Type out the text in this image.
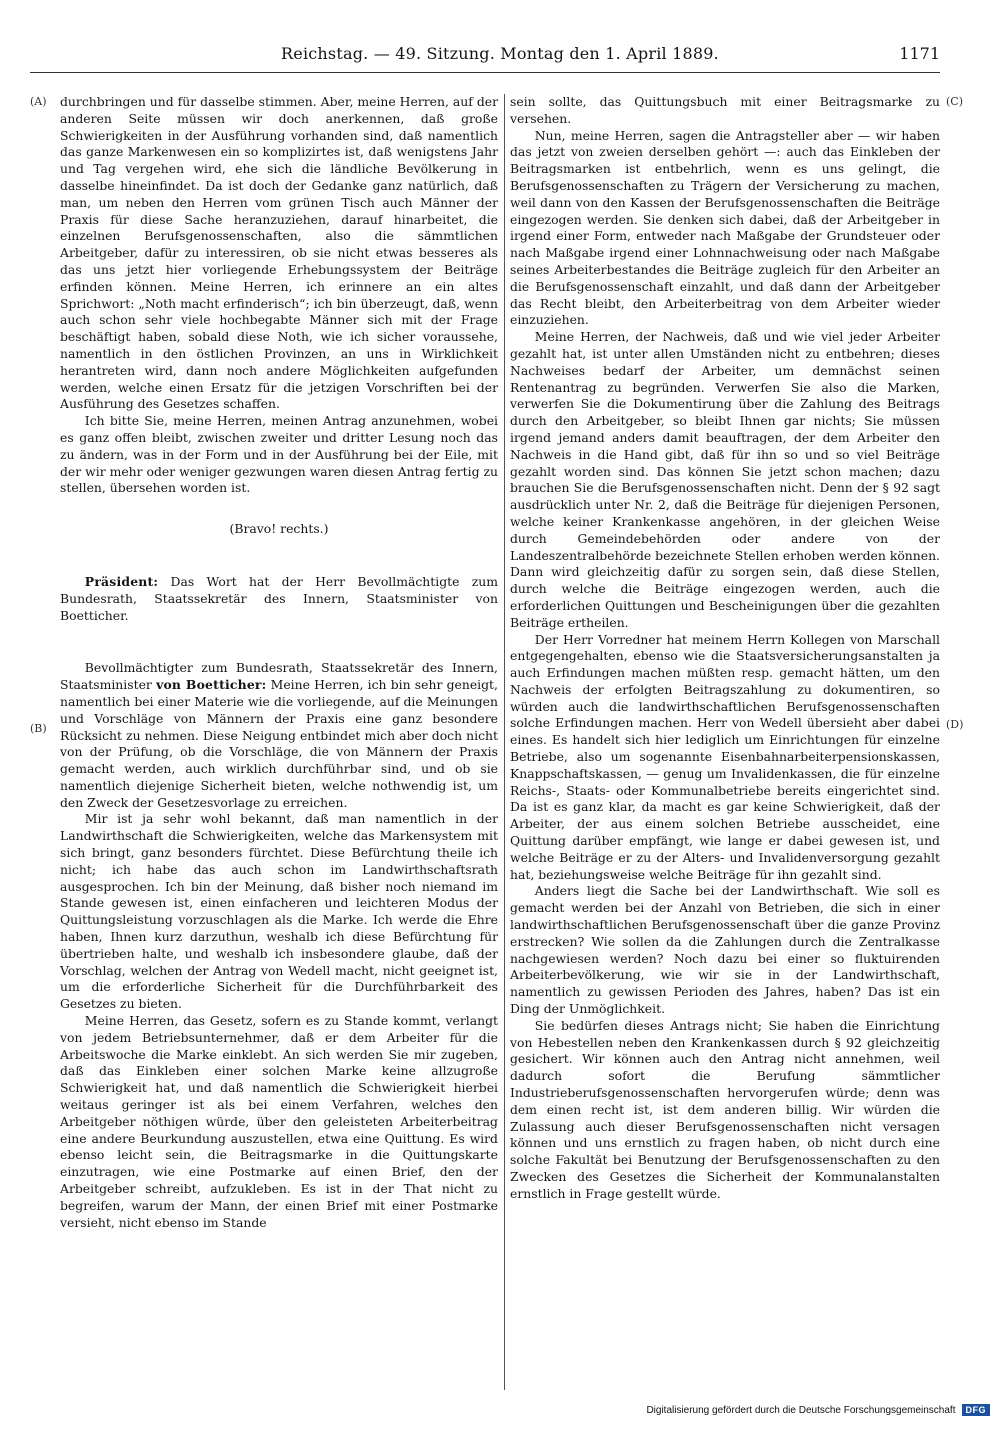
Reichstag. — 49. Sitzung. Montag den 1. April 1889.	1171
(A)
(B)
(C)
(D)

durchbringen und für dasselbe stimmen. Aber, meine Herren, auf der anderen Seite müssen wir doch anerkennen, daß große Schwierigkeiten in der Ausführung vorhanden sind, daß namentlich das ganze Markenwesen ein so komplizirtes ist, daß wenigstens Jahr und Tag vergehen wird, ehe sich die ländliche Bevölkerung in dasselbe hineinfindet. Da ist doch der Gedanke ganz natürlich, daß man, um neben den Herren vom grünen Tisch auch Männer der Praxis für diese Sache heranzuziehen, darauf hinarbeitet, die einzelnen Berufsgenossenschaften, also die sämmtlichen Arbeitgeber, dafür zu interessiren, ob sie nicht etwas besseres als das uns jetzt hier vorliegende Erhebungssystem der Beiträge erfinden können. Meine Herren, ich erinnere an ein altes Sprichwort: „Noth macht erfinderisch“; ich bin überzeugt, daß, wenn auch schon sehr viele hochbegabte Männer sich mit der Frage beschäftigt haben, sobald diese Noth, wie ich sicher voraussehe, namentlich in den östlichen Provinzen, an uns in Wirklichkeit herantreten wird, dann noch andere Möglichkeiten aufgefunden werden, welche einen Ersatz für die jetzigen Vorschriften bei der Ausführung des Gesetzes schaffen.

Ich bitte Sie, meine Herren, meinen Antrag anzunehmen, wobei es ganz offen bleibt, zwischen zweiter und dritter Lesung noch das zu ändern, was in der Form und in der Ausführung bei der Eile, mit der wir mehr oder weniger gezwungen waren diesen Antrag fertig zu stellen, übersehen worden ist.

(Bravo! rechts.)

Präsident: Das Wort hat der Herr Bevollmächtigte zum Bundesrath, Staatssekretär des Innern, Staatsminister von Boetticher.

Bevollmächtigter zum Bundesrath, Staatssekretär des Innern, Staatsminister von Boetticher: Meine Herren, ich bin sehr geneigt, namentlich bei einer Materie wie die vorliegende, auf die Meinungen und Vorschläge von Männern der Praxis eine ganz besondere Rücksicht zu nehmen. Diese Neigung entbindet mich aber doch nicht von der Prüfung, ob die Vorschläge, die von Männern der Praxis gemacht werden, auch wirklich durchführbar sind, und ob sie namentlich diejenige Sicherheit bieten, welche nothwendig ist, um den Zweck der Gesetzesvorlage zu erreichen.

Mir ist ja sehr wohl bekannt, daß man namentlich in der Landwirthschaft die Schwierigkeiten, welche das Markensystem mit sich bringt, ganz besonders fürchtet. Diese Befürchtung theile ich nicht; ich habe das auch schon im Landwirthschaftsrath ausgesprochen. Ich bin der Meinung, daß bisher noch niemand im Stande gewesen ist, einen einfacheren und leichteren Modus der Quittungsleistung vorzuschlagen als die Marke. Ich werde die Ehre haben, Ihnen kurz darzuthun, weshalb ich diese Befürchtung für übertrieben halte, und weshalb ich insbesondere glaube, daß der Vorschlag, welchen der Antrag von Wedell macht, nicht geeignet ist, um die erforderliche Sicherheit für die Durchführbarkeit des Gesetzes zu bieten.

Meine Herren, das Gesetz, sofern es zu Stande kommt, verlangt von jedem Betriebsunternehmer, daß er dem Arbeiter für die Arbeitswoche die Marke einklebt. An sich werden Sie mir zugeben, daß das Einkleben einer solchen Marke keine allzugroße Schwierigkeit hat, und daß namentlich die Schwierigkeit hierbei weitaus geringer ist als bei einem Verfahren, welches den Arbeitgeber nöthigen würde, über den geleisteten Arbeiterbeitrag eine andere Beurkundung auszustellen, etwa eine Quittung. Es wird ebenso leicht sein, die Beitragsmarke in die Quittungskarte einzutragen, wie eine Postmarke auf einen Brief, den der Arbeitgeber schreibt, aufzukleben. Es ist in der That nicht zu begreifen, warum der Mann, der einen Brief mit einer Postmarke versieht, nicht ebenso im Stande

sein sollte, das Quittungsbuch mit einer Beitragsmarke zu versehen.

Nun, meine Herren, sagen die Antragsteller aber — wir haben das jetzt von zweien derselben gehört —: auch das Einkleben der Beitragsmarken ist entbehrlich, wenn es uns gelingt, die Berufsgenossenschaften zu Trägern der Versicherung zu machen, weil dann von den Kassen der Berufsgenossenschaften die Beiträge eingezogen werden. Sie denken sich dabei, daß der Arbeitgeber in irgend einer Form, entweder nach Maßgabe der Grundsteuer oder nach Maßgabe irgend einer Lohnnachweisung oder nach Maßgabe seines Arbeiterbestandes die Beiträge zugleich für den Arbeiter an die Berufsgenossenschaft einzahlt, und daß dann der Arbeitgeber das Recht bleibt, den Arbeiterbeitrag von dem Arbeiter wieder einzuziehen.

Meine Herren, der Nachweis, daß und wie viel jeder Arbeiter gezahlt hat, ist unter allen Umständen nicht zu entbehren; dieses Nachweises bedarf der Arbeiter, um demnächst seinen Rentenantrag zu begründen. Verwerfen Sie also die Marken, verwerfen Sie die Dokumentirung über die Zahlung des Beitrags durch den Arbeitgeber, so bleibt Ihnen gar nichts; Sie müssen irgend jemand anders damit beauftragen, der dem Arbeiter den Nachweis in die Hand gibt, daß für ihn so und so viel Beiträge gezahlt worden sind. Das können Sie jetzt schon machen; dazu brauchen Sie die Berufsgenossenschaften nicht. Denn der § 92 sagt ausdrücklich unter Nr. 2, daß die Beiträge für diejenigen Personen, welche keiner Krankenkasse angehören, in der gleichen Weise durch Gemeindebehörden oder andere von der Landeszentralbehörde bezeichnete Stellen erhoben werden können. Dann wird gleichzeitig dafür zu sorgen sein, daß diese Stellen, durch welche die Beiträge eingezogen werden, auch die erforderlichen Quittungen und Bescheinigungen über die gezahlten Beiträge ertheilen.

Der Herr Vorredner hat meinem Herrn Kollegen von Marschall entgegengehalten, ebenso wie die Staatsversicherungsanstalten ja auch Erfindungen machen müßten resp. gemacht hätten, um den Nachweis der erfolgten Beitragszahlung zu dokumentiren, so würden auch die landwirthschaftlichen Berufsgenossenschaften solche Erfindungen machen. Herr von Wedell übersieht aber dabei eines. Es handelt sich hier lediglich um Einrichtungen für einzelne Betriebe, also um sogenannte Eisenbahnarbeiterpensionskassen, Knappschaftskassen, — genug um Invalidenkassen, die für einzelne Reichs-, Staats- oder Kommunalbetriebe bereits eingerichtet sind. Da ist es ganz klar, da macht es gar keine Schwierigkeit, daß der Arbeiter, der aus einem solchen Betriebe ausscheidet, eine Quittung darüber empfängt, wie lange er dabei gewesen ist, und welche Beiträge er zu der Alters- und Invalidenversorgung gezahlt hat, beziehungsweise welche Beiträge für ihn gezahlt sind.

Anders liegt die Sache bei der Landwirthschaft. Wie soll es gemacht werden bei der Anzahl von Betrieben, die sich in einer landwirthschaftlichen Berufsgenossenschaft über die ganze Provinz erstrecken? Wie sollen da die Zahlungen durch die Zentralkasse nachgewiesen werden? Noch dazu bei einer so fluktuirenden Arbeiterbevölkerung, wie wir sie in der Landwirthschaft, namentlich zu gewissen Perioden des Jahres, haben? Das ist ein Ding der Unmöglichkeit.

Sie bedürfen dieses Antrags nicht; Sie haben die Einrichtung von Hebestellen neben den Krankenkassen durch § 92 gleichzeitig gesichert. Wir können auch den Antrag nicht annehmen, weil dadurch sofort die Berufung sämmtlicher Industrieberufsgenossenschaften hervorgerufen würde; denn was dem einen recht ist, ist dem anderen billig. Wir würden die Zulassung auch dieser Berufsgenossenschaften nicht versagen können und uns ernstlich zu fragen haben, ob nicht durch eine solche Fakultät bei Benutzung der Berufsgenossenschaften zu den Zwecken des Gesetzes die Sicherheit der Kommunalanstalten ernstlich in Frage gestellt würde.

Digitalisierung gefördert durch die Deutsche Forschungsgemeinschaft	DFG
